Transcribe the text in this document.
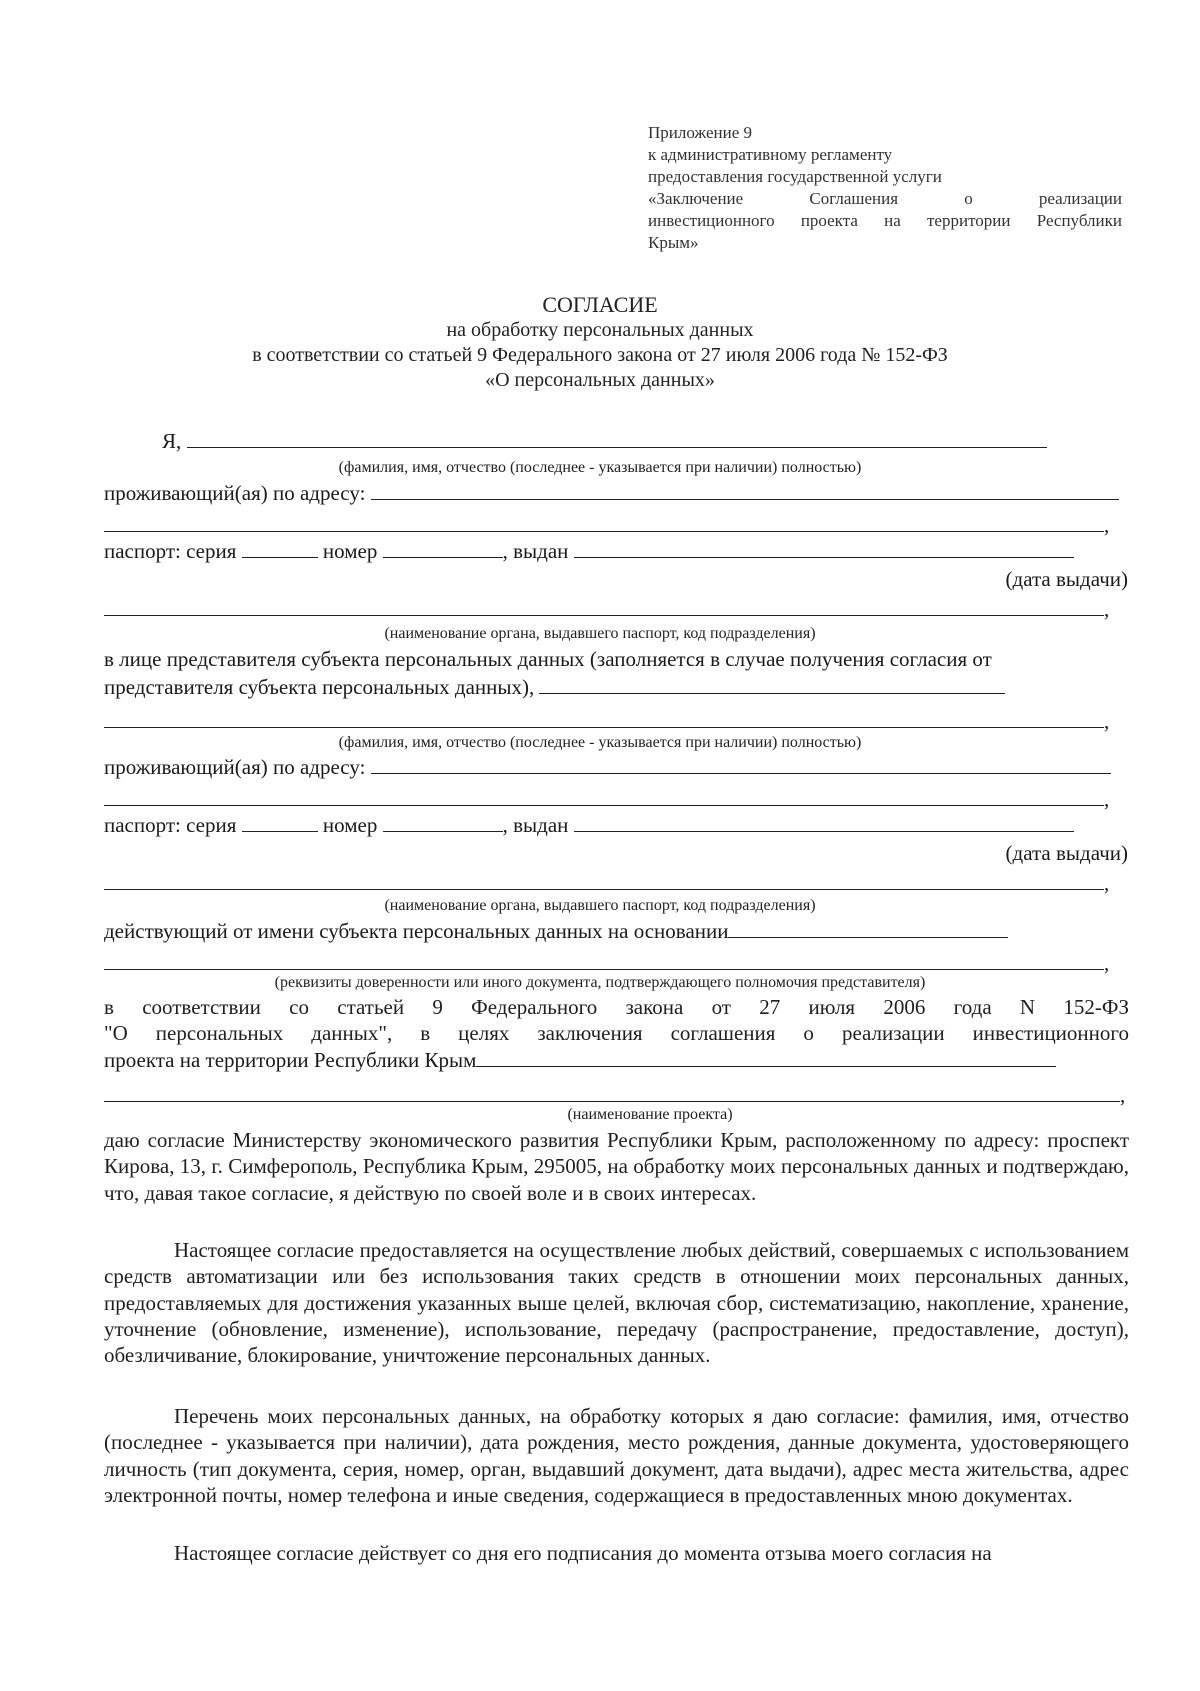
Приложение 9
к административному регламенту
предоставления государственной услуги
«Заключение Соглашения о реализации
инвестиционного проекта на территории Республики
Крым»
СОГЛАСИЕ
на обработку персональных данных
в соответствии со статьей 9 Федерального закона от 27 июля 2006 года № 152-ФЗ
«О персональных данных»
Я,
(фамилия, имя, отчество (последнее - указывается при наличии) полностью)
проживающий(ая) по адресу:
,
паспорт: серия	номер	, выдан
(дата выдачи)
,
(наименование органа, выдавшего паспорт, код подразделения)
в лице представителя субъекта персональных данных (заполняется в случае получения согласия от
представителя субъекта персональных данных),
,
(фамилия, имя, отчество (последнее - указывается при наличии) полностью)
проживающий(ая) по адресу:
,
паспорт: серия	номер	, выдан
(дата выдачи)
,
(наименование органа, выдавшего паспорт, код подразделения)
действующий от имени субъекта персональных данных на основании
,
(реквизиты доверенности или иного документа, подтверждающего полномочия представителя)
в соответствии со статьей 9 Федерального закона от 27 июля 2006 года N 152-ФЗ
"О персональных данных", в целях заключения соглашения о реализации инвестиционного
проекта на территории Республики Крым
,
(наименование проекта)
даю согласие Министерству экономического развития Республики Крым, расположенному по адресу: проспект Кирова, 13, г. Симферополь, Республика Крым, 295005, на обработку моих персональных данных и подтверждаю, что, давая такое согласие, я действую по своей воле и в своих интересах.
Настоящее согласие предоставляется на осуществление любых действий, совершаемых с использованием средств автоматизации или без использования таких средств в отношении моих персональных данных, предоставляемых для достижения указанных выше целей, включая сбор, систематизацию, накопление, хранение, уточнение (обновление, изменение), использование, передачу (распространение, предоставление, доступ), обезличивание, блокирование, уничтожение персональных данных.
Перечень моих персональных данных, на обработку которых я даю согласие: фамилия, имя, отчество (последнее - указывается при наличии), дата рождения, место рождения, данные документа, удостоверяющего личность (тип документа, серия, номер, орган, выдавший документ, дата выдачи), адрес места жительства, адрес электронной почты, номер телефона и иные сведения, содержащиеся в предоставленных мною документах.
Настоящее согласие действует со дня его подписания до момента отзыва моего согласия на
